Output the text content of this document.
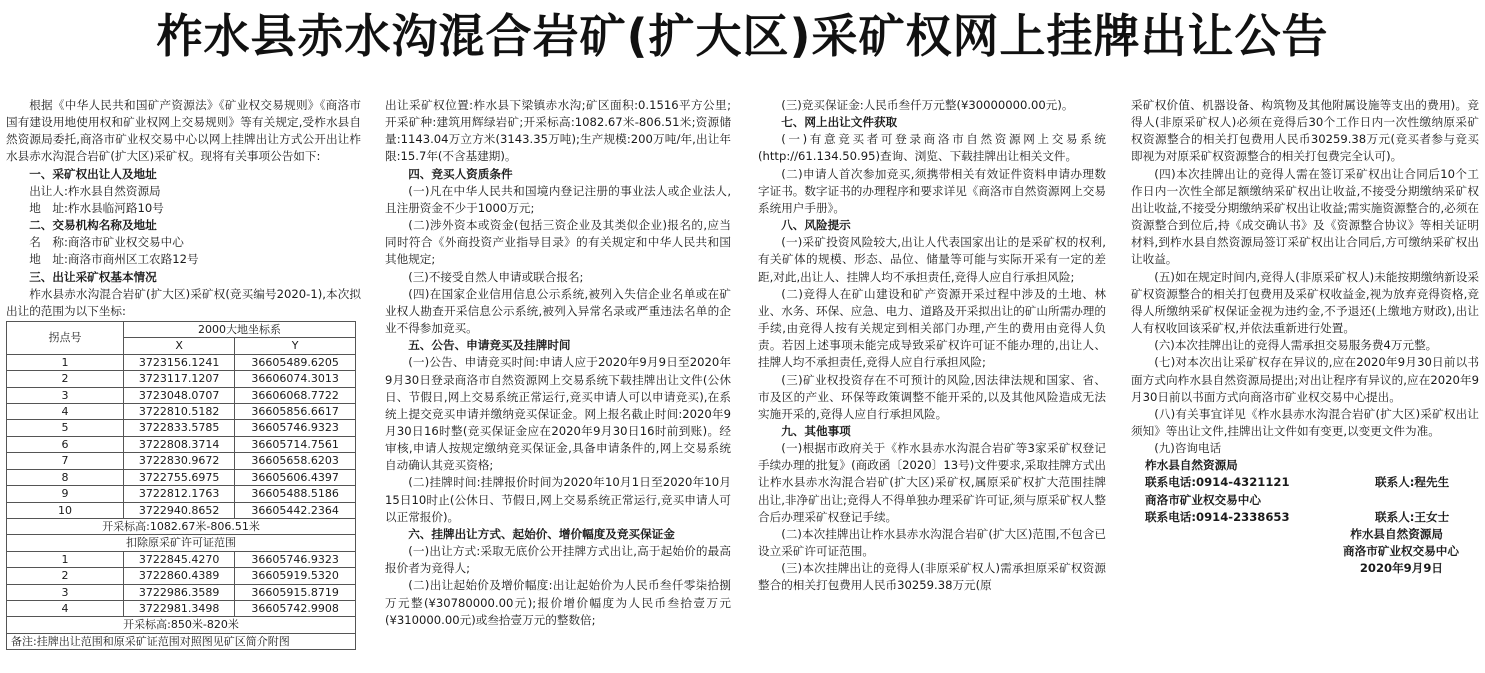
柞水县赤水沟混合岩矿(扩大区)采矿权网上挂牌出让公告

根据《中华人民共和国矿产资源法》《矿业权交易规则》《商洛市国有建设用地使用权和矿业权网上交易规则》等有关规定,受柞水县自然资源局委托,商洛市矿业权交易中心以网上挂牌出让方式公开出让柞水县赤水沟混合岩矿(扩大区)采矿权。现将有关事项公告如下:

一、采矿权出让人及地址
出让人:柞水县自然资源局
地　址:柞水县临河路10号
二、交易机构名称及地址
名　称:商洛市矿业权交易中心
地　址:商洛市商州区工农路12号
三、出让采矿权基本情况

柞水县赤水沟混合岩矿(扩大区)采矿权(竞买编号2020-1),本次拟出让的范围为以下坐标:

拐点号	2000大地坐标系	
	X	Y
1	3723156.1241	36605489.6205
2	3723117.1207	36606074.3013
3	3723048.0707	36606068.7722
4	3722810.5182	36605856.6617
5	3722833.5785	36605746.9323
6	3722808.3714	36605714.7561
7	3722830.9672	36605658.6203
8	3722755.6975	36605606.4397
9	3722812.1763	36605488.5186
10	3722940.8652	36605442.2364
开采标高:1082.67米-806.51米		
扣除原采矿许可证范围		
1	3722845.4270	36605746.9323
2	3722860.4389	36605919.5320
3	3722986.3589	36605915.8719
4	3722981.3498	36605742.9908
开采标高:850米-820米		
备注:挂牌出让范围和原采矿证范围对照图见矿区简介附图		

出让采矿权位置:柞水县下梁镇赤水沟;矿区面积:0.1516平方公里;开采矿种:建筑用辉绿岩矿;开采标高:1082.67米-806.51米;资源储量:1143.04万立方米(3143.35万吨);生产规模:200万吨/年,出让年限:15.7年(不含基建期)。

四、竞买人资质条件

(一)凡在中华人民共和国境内登记注册的事业法人或企业法人,且注册资金不少于1000万元;

(二)涉外资本或资金(包括三资企业及其类似企业)报名的,应当同时符合《外商投资产业指导目录》的有关规定和中华人民共和国其他规定;

(三)不接受自然人申请或联合报名;

(四)在国家企业信用信息公示系统,被列入失信企业名单或在矿业权人勘查开采信息公示系统,被列入异常名录或严重违法名单的企业不得参加竞买。

五、公告、申请竞买及挂牌时间

(一)公告、申请竞买时间:申请人应于2020年9月9日至2020年9月30日登录商洛市自然资源网上交易系统下载挂牌出让文件(公休日、节假日,网上交易系统正常运行,竞买申请人可以申请竞买),在系统上提交竞买申请并缴纳竞买保证金。网上报名截止时间:2020年9月30日16时整(竞买保证金应在2020年9月30日16时前到账)。经审核,申请人按规定缴纳竞买保证金,具备申请条件的,网上交易系统自动确认其竞买资格;

(二)挂牌时间:挂牌报价时间为2020年10月1日至2020年10月15日10时止(公休日、节假日,网上交易系统正常运行,竞买申请人可以正常报价)。

六、挂牌出让方式、起始价、增价幅度及竞买保证金

(一)出让方式:采取无底价公开挂牌方式出让,高于起始价的最高报价者为竞得人;

(二)出让起始价及增价幅度:出让起始价为人民币叁仟零柒拾捌万元整(¥30780000.00元);报价增价幅度为人民币叁拾壹万元(¥310000.00元)或叁拾壹万元的整数倍;

(三)竞买保证金:人民币叁仟万元整(¥30000000.00元)。

七、网上出让文件获取

(一)有意竞买者可登录商洛市自然资源网上交易系统(http://61.134.50.95)查询、浏览、下载挂牌出让相关文件。

(二)申请人首次参加竞买,须携带相关有效证件资料申请办理数字证书。数字证书的办理程序和要求详见《商洛市自然资源网上交易系统用户手册》。

八、风险提示

(一)采矿投资风险较大,出让人代表国家出让的是采矿权的权利,有关矿体的规模、形态、品位、储量等可能与实际开采有一定的差距,对此,出让人、挂牌人均不承担责任,竞得人应自行承担风险;

(二)竞得人在矿山建设和矿产资源开采过程中涉及的土地、林业、水务、环保、应急、电力、道路及开采拟出让的矿山所需办理的手续,由竞得人按有关规定到相关部门办理,产生的费用由竞得人负责。若因上述事项未能完成导致采矿权许可证不能办理的,出让人、挂牌人均不承担责任,竞得人应自行承担风险;

(三)矿业权投资存在不可预计的风险,因法律法规和国家、省、市及区的产业、环保等政策调整不能开采的,以及其他风险造成无法实施开采的,竞得人应自行承担风险。

九、其他事项

(一)根据市政府关于《柞水县赤水沟混合岩矿等3家采矿权登记手续办理的批复》(商政函〔2020〕13号)文件要求,采取挂牌方式出让柞水县赤水沟混合岩矿(扩大区)采矿权,属原采矿权扩大范围挂牌出让,非净矿出让;竞得人不得单独办理采矿许可证,须与原采矿权人整合后办理采矿权登记手续。

(二)本次挂牌出让柞水县赤水沟混合岩矿(扩大区)范围,不包含已设立采矿许可证范围。

(三)本次挂牌出让的竞得人(非原采矿权人)需承担原采矿权资源整合的相关打包费用人民币30259.38万元(原

采矿权价值、机器设备、构筑物及其他附属设施等支出的费用)。竞得人(非原采矿权人)必须在竞得后30个工作日内一次性缴纳原采矿权资源整合的相关打包费用人民币30259.38万元(竞买者参与竞买即视为对原采矿权资源整合的相关打包费完全认可)。

(四)本次挂牌出让的竞得人需在签订采矿权出让合同后10个工作日内一次性全部足额缴纳采矿权出让收益,不接受分期缴纳采矿权出让收益,不接受分期缴纳采矿权出让收益;需实施资源整合的,必须在资源整合到位后,持《成交确认书》及《资源整合协议》等相关证明材料,到柞水县自然资源局签订采矿权出让合同后,方可缴纳采矿权出让收益。

(五)如在规定时间内,竞得人(非原采矿权人)未能按期缴纳新设采矿权资源整合的相关打包费用及采矿权收益金,视为放弃竞得资格,竞得人所缴纳采矿权保证金视为违约金,不予退还(上缴地方财政),出让人有权收回该采矿权,并依法重新进行处置。

(六)本次挂牌出让的竞得人需承担交易服务费4万元整。

(七)对本次出让采矿权存在异议的,应在2020年9月30日前以书面方式向柞水县自然资源局提出;对出让程序有异议的,应在2020年9月30日前以书面方式向商洛市矿业权交易中心提出。

(八)有关事宜详见《柞水县赤水沟混合岩矿(扩大区)采矿权出让须知》等出让文件,挂牌出让文件如有变更,以变更文件为准。

(九)咨询电话

柞水县自然资源局
联系电话:0914-4321121	联系人:程先生
商洛市矿业权交易中心
联系电话:0914-2338653	联系人:王女士
柞水县自然资源局
商洛市矿业权交易中心
2020年9月9日
